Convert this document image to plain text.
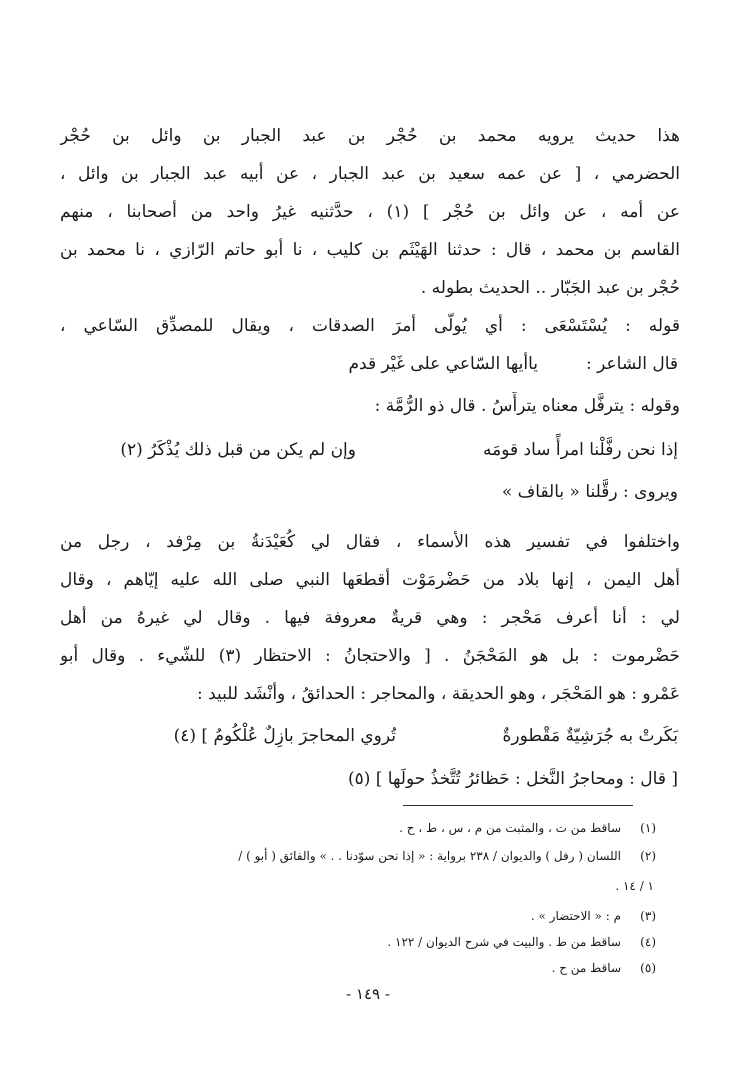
هذا حديث يرويه محمد بن حُجْر بن عبد الجبار بن وائل بن حُجْر
الحضرمي ، [ عن عمه سعيد بن عبد الجبار ، عن أبيه عبد الجبار بن وائل ،
عن أمه ، عن وائل بن حُجْر ] (١) ، حدَّثنيه غيرُ واحد من أصحابنا ، منهم
القاسم بن محمد ، قال : حدثنا الهَيْثَم بن كليب ، نا أبو حاتم الرّازي ، نا محمد بن
حُجْر بن عبد الجَبّار .. الحديث بطوله .
قوله : يُسْتَسْعَى : أي يُولّى أمرَ الصدقات ، ويقال للمصدِّق السّاعي ،
قال الشاعر :
ياأيها السّاعي على غَيْر قدم
وقوله : يترفَّل معناه يترأَّسُ . قال ذو الرُّمَّة :
إذا نحن رفَّلْنا امرأً ساد قومَه
وإن لم يكن من قبل ذلك يُذْكَرُ (٢)
ويروى : رقَّلنا « بالقاف »
واختلفوا في تفسير هذه الأسماء ، فقال لي كُعَيْدَنةُ بن مِرْفد ، رجل من
أهل اليمن ، إنها بلاد من حَضْرمَوْت أقطعَها النبي صلى الله عليه إيّاهم ، وقال
لي : أنا أعرف مَحْجر : وهي قريةٌ معروفة فيها . وقال لي غيرهُ من أهل
حَضْرموت : بل هو المَحْجَنُ . [ والاحتجانُ : الاحتظار (٣) للشّيء . وقال أبو
عَمْرو : هو المَحْجَر ، وهو الحديقة ، والمحاجر : الحدائقُ ، وأنْشَد للبيد :
بَكَرتْ به جُرَشِيّةٌ مَقْطورةٌ
تُروي المحاجرَ بازِلٌ عُلْكُومُ ] (٤)
[ قال : ومحاجرُ النَّخل : حَظائرُ تُتَّخذُ حولَها ] (٥)
(١)
ساقط من ت ، والمثبت من م ، س ، ط ، ح .
(٢)
اللسان ( رفل ) والديوان / ٢٣٨ برواية : « إذا نحن سوّدنا . . » والفائق ( أبو ) /
١ / ١٤ .
(٣)
م : « الاحتضار » .
(٤)
ساقط من ط . والبيت في شرح الديوان / ١٢٢ .
(٥)
ساقط من ح .
- ١٤٩ -
